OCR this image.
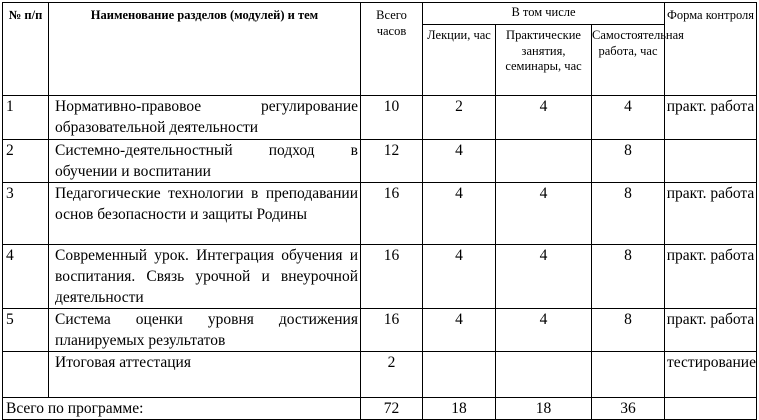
№ п/п	Наименование разделов (модулей) и тем	Всего часов	В том числе			Форма контроля
			Лекции, час	Практические занятия, семинары, час	Самостоятельная работа, час	
1	Нормативно-правовое регулирование образовательной деятельности	10	2	4	4	практ. работа
2	Системно-деятельностный подход в обучении и воспитании	12	4		8	
3	Педагогические технологии в преподавании основ безопасности и защиты Родины	16	4	4	8	практ. работа
4	Современный урок. Интеграция обучения и воспитания. Связь урочной и внеурочной деятельности	16	4	4	8	практ. работа
5	Система оценки уровня достижения планируемых результатов	16	4	4	8	практ. работа
	Итоговая аттестация	2				тестирование
Всего по программе:		72	18	18	36	
